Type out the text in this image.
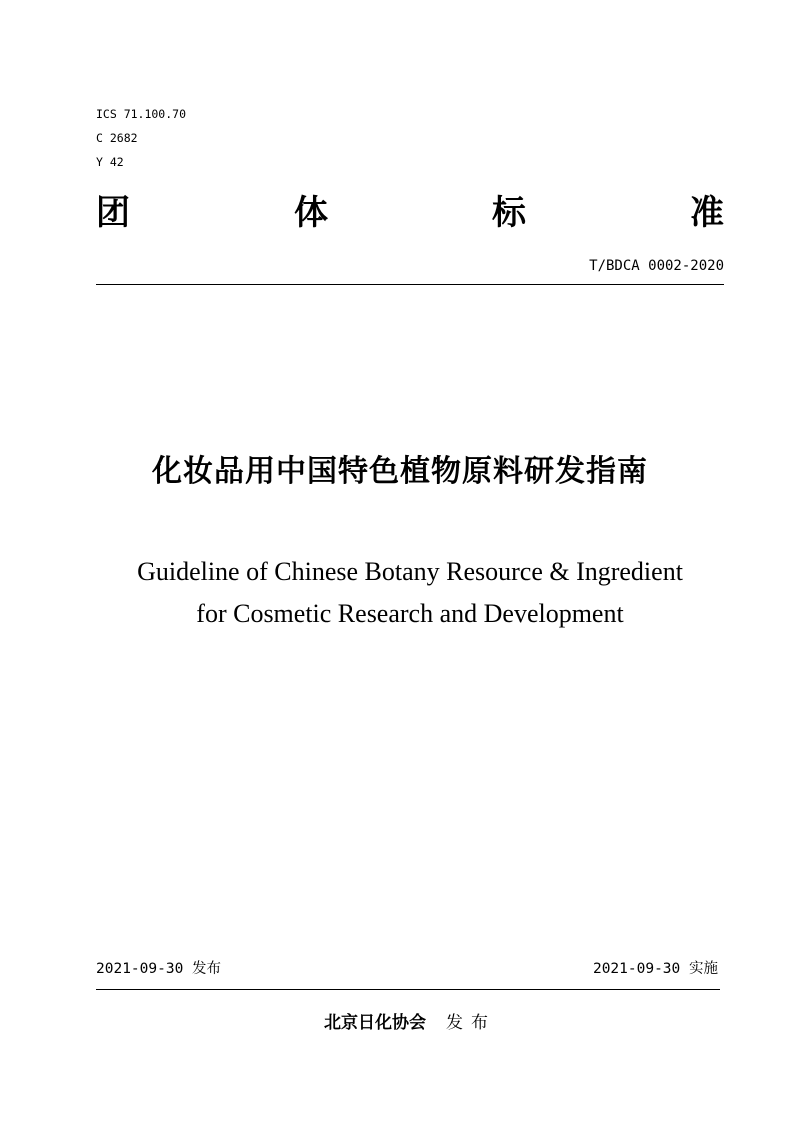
ICS 71.100.70
C 2682
Y 42
团	体	标	准
T/BDCA 0002-2020
化妆品用中国特色植物原料研发指南
Guideline of Chinese Botany Resource & Ingredient
for Cosmetic Research and Development
2021-09-30 发布	2021-09-30 实施
北京日化协会 发布
